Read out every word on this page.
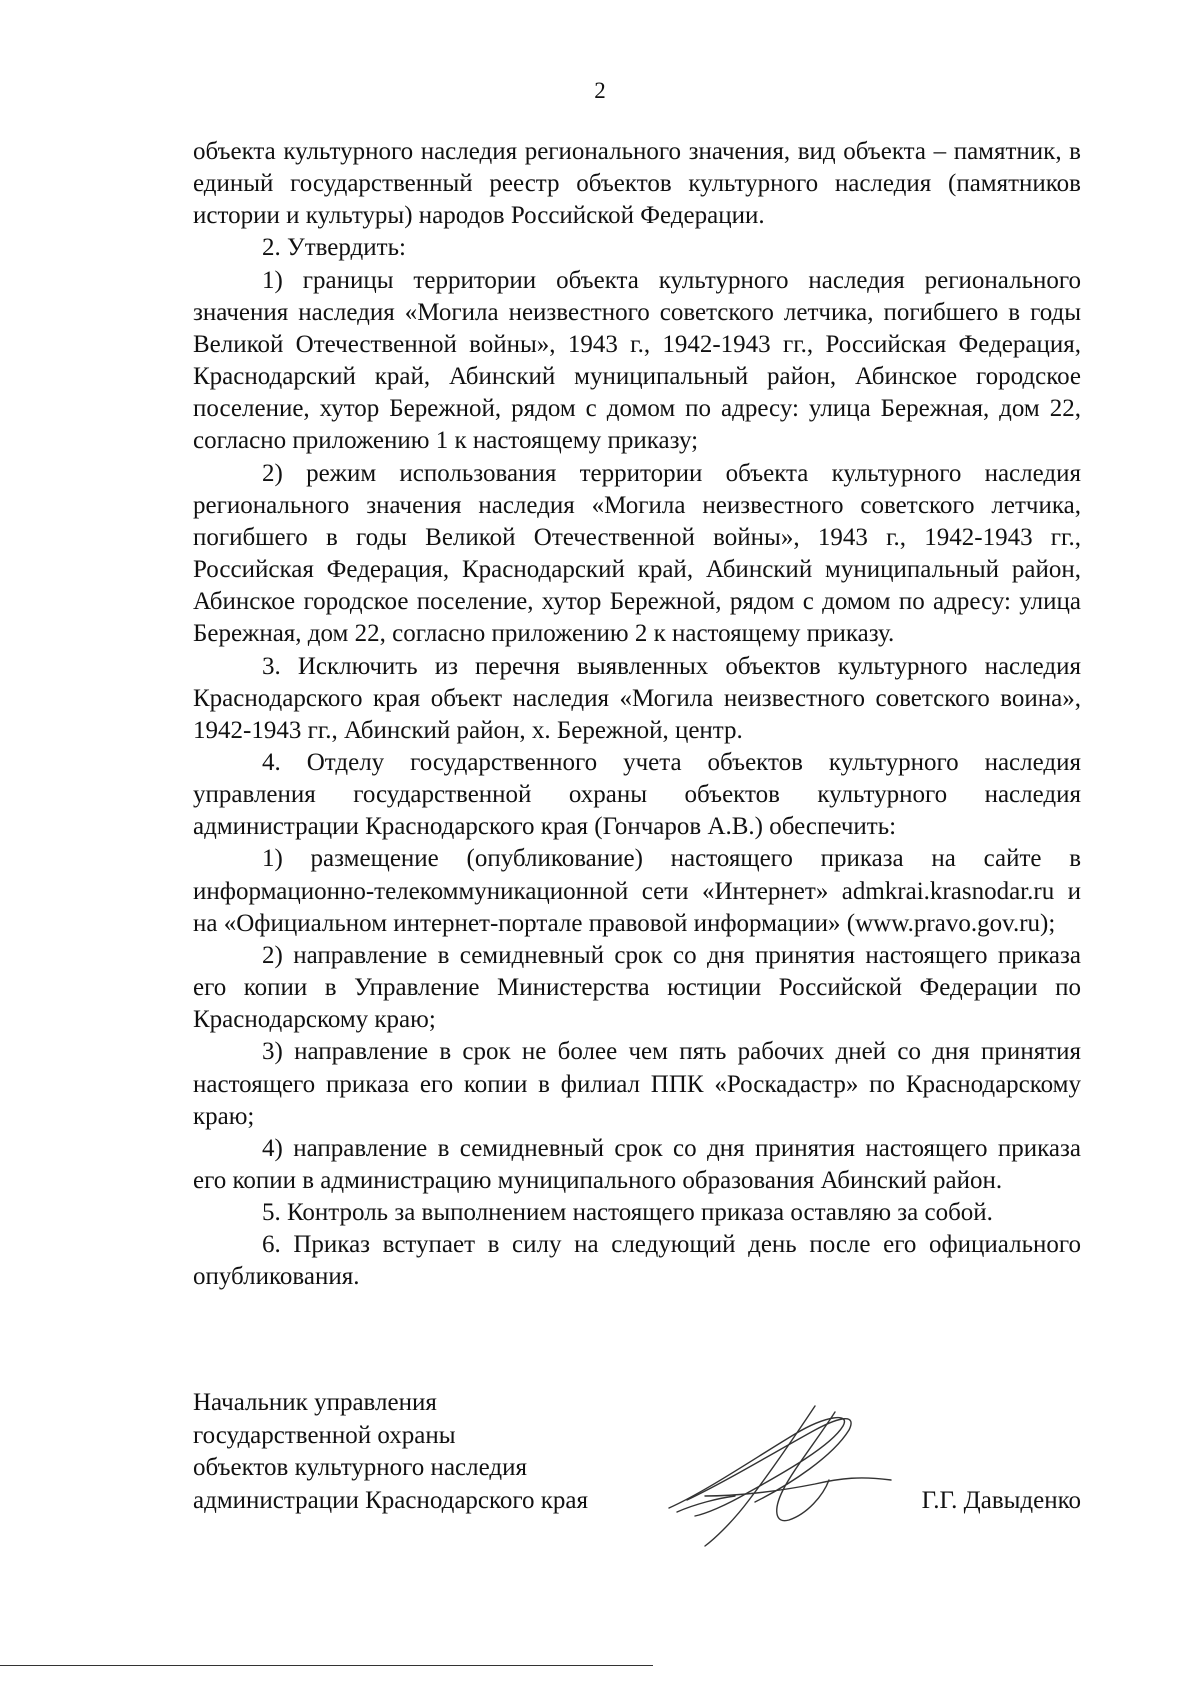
2

объекта культурного наследия регионального значения, вид объекта – памятник, в единый государственный реестр объектов культурного наследия (памятников истории и культуры) народов Российской Федерации.

2. Утвердить:

1) границы территории объекта культурного наследия регионального значения наследия «Могила неизвестного советского летчика, погибшего в годы Великой Отечественной войны», 1943 г., 1942-1943 гг., Российская Федерация, Краснодарский край, Абинский муниципальный район, Абинское городское поселение, хутор Бережной, рядом с домом по адресу: улица Бережная, дом 22, согласно приложению 1 к настоящему приказу;

2) режим использования территории объекта культурного наследия регионального значения наследия «Могила неизвестного советского летчика, погибшего в годы Великой Отечественной войны», 1943 г., 1942-1943 гг., Российская Федерация, Краснодарский край, Абинский муниципальный район, Абинское городское поселение, хутор Бережной, рядом с домом по адресу: улица Бережная, дом 22, согласно приложению 2 к настоящему приказу.

3. Исключить из перечня выявленных объектов культурного наследия Краснодарского края объект наследия «Могила неизвестного советского воина», 1942-1943 гг., Абинский район, х. Бережной, центр.

4. Отделу государственного учета объектов культурного наследия управления государственной охраны объектов культурного наследия администрации Краснодарского края (Гончаров А.В.) обеспечить:

1) размещение (опубликование) настоящего приказа на сайте в информационно-телекоммуникационной сети «Интернет» admkrai.krasnodar.ru и на «Официальном интернет-портале правовой информации» (www.pravo.gov.ru);

2) направление в семидневный срок со дня принятия настоящего приказа его копии в Управление Министерства юстиции Российской Федерации по Краснодарскому краю;

3) направление в срок не более чем пять рабочих дней со дня принятия настоящего приказа его копии в филиал ППК «Роскадастр» по Краснодарскому краю;

4) направление в семидневный срок со дня принятия настоящего приказа его копии в администрацию муниципального образования Абинский район.

5. Контроль за выполнением настоящего приказа оставляю за собой.

6. Приказ вступает в силу на следующий день после его официального опубликования.

Начальник управления
государственной охраны
объектов культурного наследия
администрации Краснодарского края	Г.Г. Давыденко
